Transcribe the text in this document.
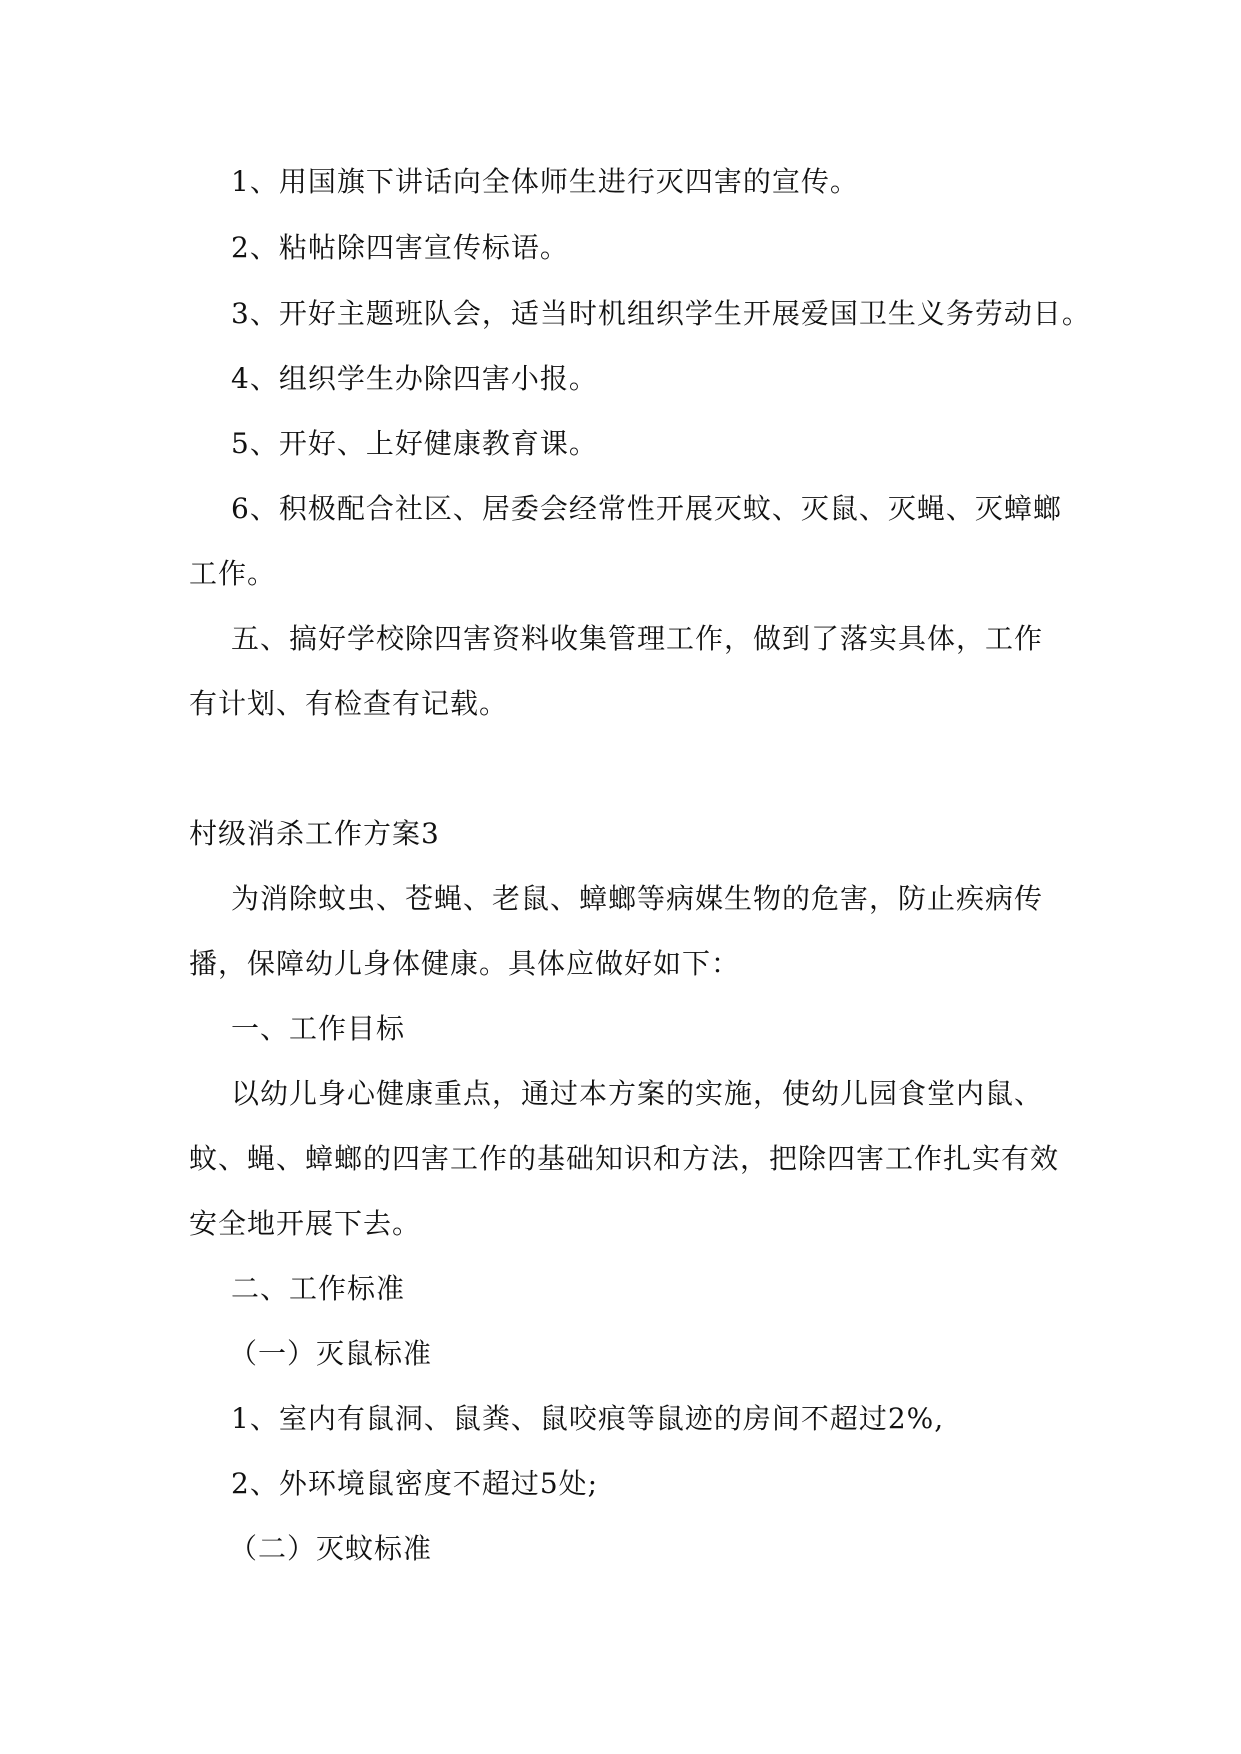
1、用国旗下讲话向全体师生进行灭四害的宣传。
2、粘帖除四害宣传标语。
3、开好主题班队会，适当时机组织学生开展爱国卫生义务劳动日。
4、组织学生办除四害小报。
5、开好、上好健康教育课。
6、积极配合社区、居委会经常性开展灭蚊、灭鼠、灭蝇、灭蟑螂
工作。
五、搞好学校除四害资料收集管理工作，做到了落实具体，工作
有计划、有检查有记载。
村级消杀工作方案3
为消除蚊虫、苍蝇、老鼠、蟑螂等病媒生物的危害，防止疾病传
播，保障幼儿身体健康。具体应做好如下：
一、工作目标
以幼儿身心健康重点，通过本方案的实施，使幼儿园食堂内鼠、
蚊、蝇、蟑螂的四害工作的基础知识和方法，把除四害工作扎实有效
安全地开展下去。
二、工作标准
（一）灭鼠标准
1、室内有鼠洞、鼠粪、鼠咬痕等鼠迹的房间不超过2%,
2、外环境鼠密度不超过5处;
（二）灭蚊标准
